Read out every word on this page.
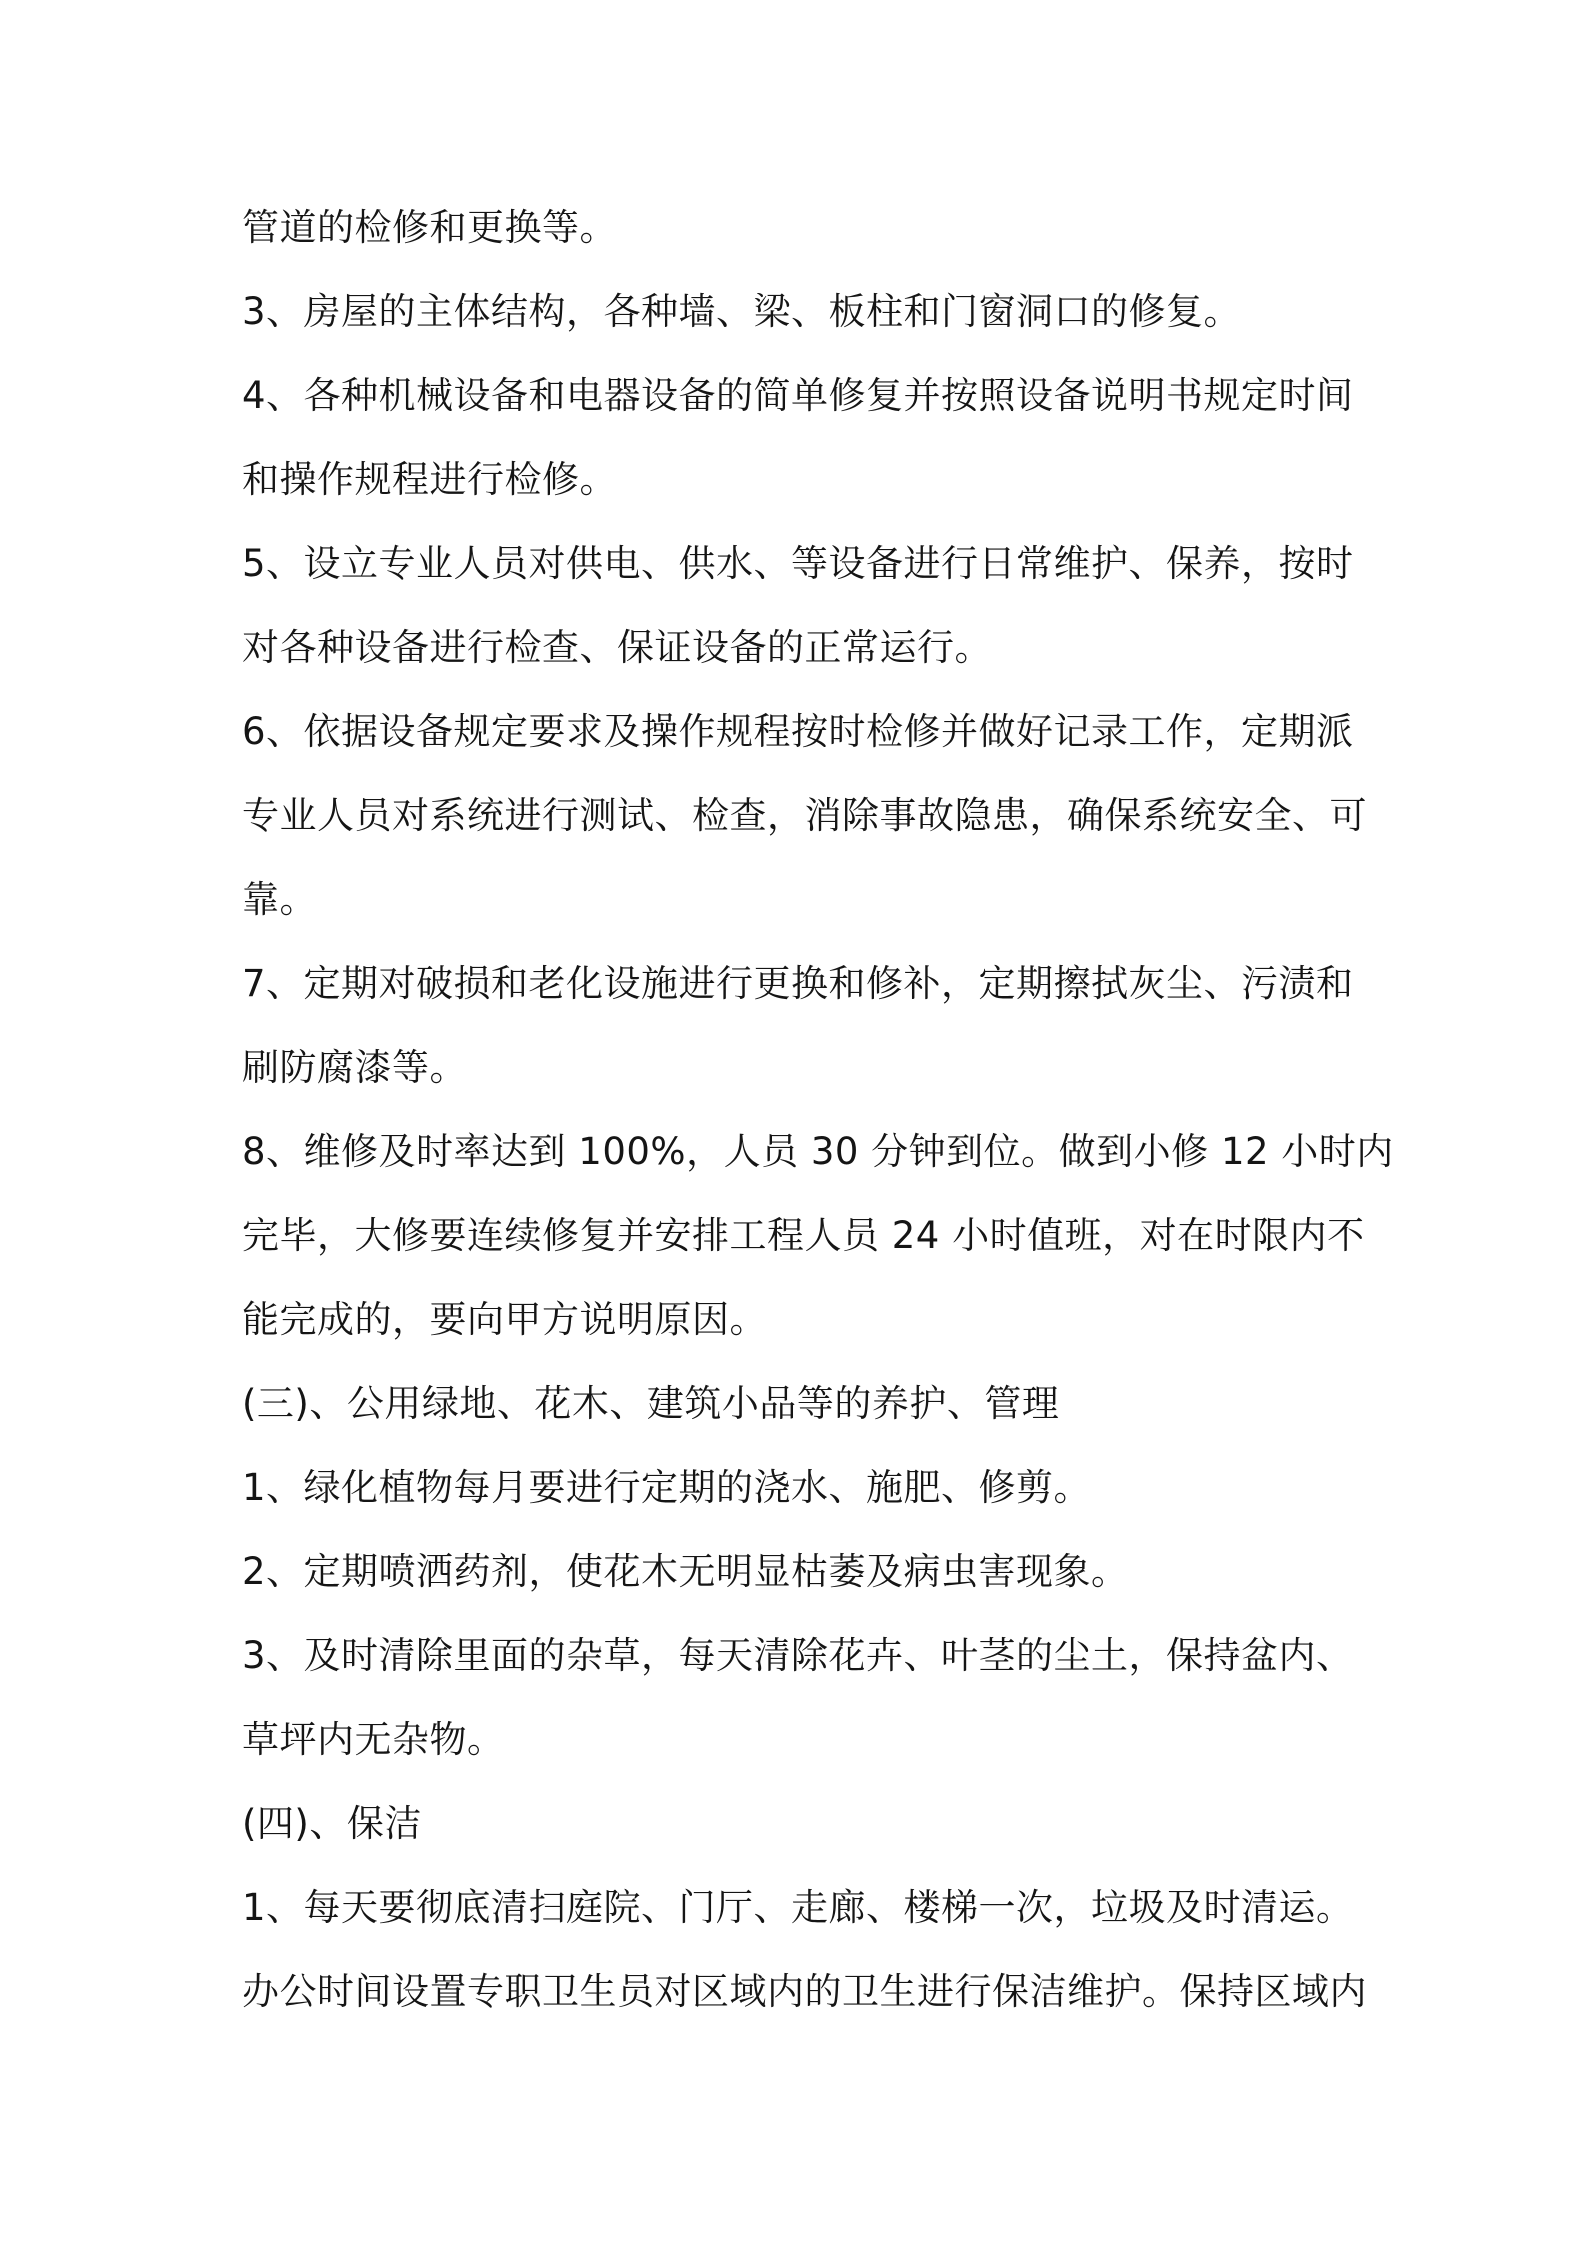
管道的检修和更换等。
3、房屋的主体结构，各种墙、梁、板柱和门窗洞口的修复。
4、各种机械设备和电器设备的简单修复并按照设备说明书规定时间
和操作规程进行检修。
5、设立专业人员对供电、供水、等设备进行日常维护、保养，按时
对各种设备进行检查、保证设备的正常运行。
6、依据设备规定要求及操作规程按时检修并做好记录工作，定期派
专业人员对系统进行测试、检查，消除事故隐患，确保系统安全、可
靠。
7、定期对破损和老化设施进行更换和修补，定期擦拭灰尘、污渍和
刷防腐漆等。
8、维修及时率达到 100%，人员 30 分钟到位。做到小修 12 小时内
完毕，大修要连续修复并安排工程人员 24 小时值班，对在时限内不
能完成的，要向甲方说明原因。
(三)、公用绿地、花木、建筑小品等的养护、管理
1、绿化植物每月要进行定期的浇水、施肥、修剪。
2、定期喷洒药剂，使花木无明显枯萎及病虫害现象。
3、及时清除里面的杂草，每天清除花卉、叶茎的尘土，保持盆内、
草坪内无杂物。
(四)、保洁
1、每天要彻底清扫庭院、门厅、走廊、楼梯一次，垃圾及时清运。
办公时间设置专职卫生员对区域内的卫生进行保洁维护。保持区域内
